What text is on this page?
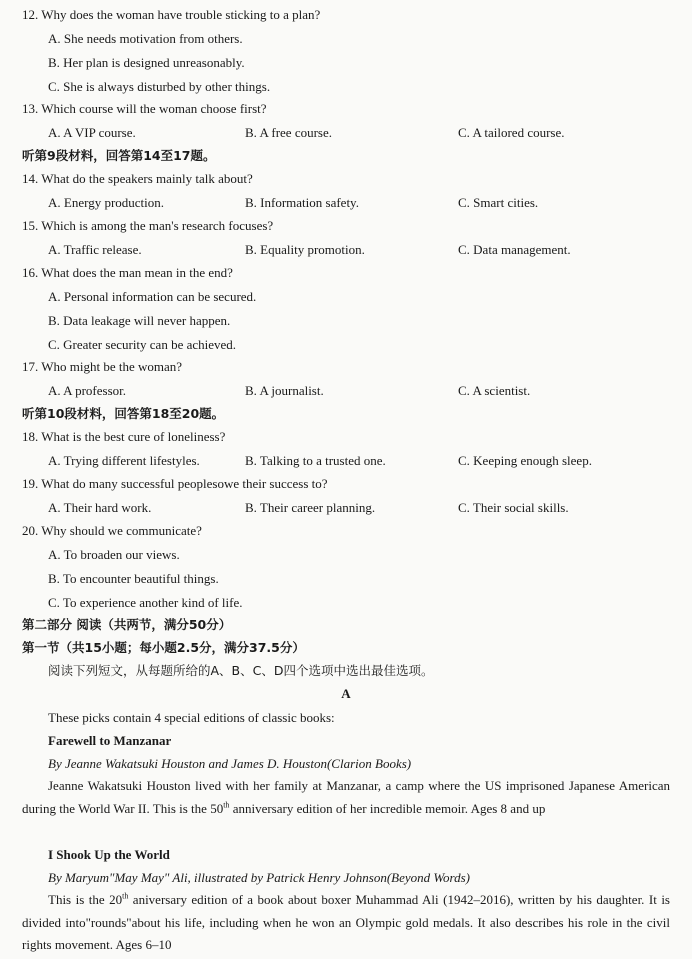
12. Why does the woman have trouble sticking to a plan?
A. She needs motivation from others.
B. Her plan is designed unreasonably.
C. She is always disturbed by other things.
13. Which course will the woman choose first?
A. A VIP course.	B. A free course.	C. A tailored course.
听第9段材料，回答第14至17题。
14. What do the speakers mainly talk about?
A. Energy production.	B. Information safety.	C. Smart cities.
15. Which is among the man's research focuses?
A. Traffic release.	B. Equality promotion.	C. Data management.
16. What does the man mean in the end?
A. Personal information can be secured.
B. Data leakage will never happen.
C. Greater security can be achieved.
17. Who might be the woman?
A. A professor.	B. A journalist.	C. A scientist.
听第10段材料，回答第18至20题。
18. What is the best cure of loneliness?
A. Trying different lifestyles.	B. Talking to a trusted one.	C. Keeping enough sleep.
19. What do many successful peoplesowe their success to?
A. Their hard work.	B. Their career planning.	C. Their social skills.
20. Why should we communicate?
A. To broaden our views.
B. To encounter beautiful things.
C. To experience another kind of life.
第二部分 阅读（共两节，满分50分）
第一节（共15小题；每小题2.5分，满分37.5分）
阅读下列短文，从每题所给的A、B、C、D四个选项中选出最佳选项。
A
These picks contain 4 special editions of classic books:
Farewell to Manzanar
By Jeanne Wakatsuki Houston and James D. Houston(Clarion Books)
Jeanne Wakatsuki Houston lived with her family at Manzanar, a camp where the US imprisoned Japanese American during the World War II. This is the 50th anniversary edition of her incredible memoir. Ages 8 and up
I Shook Up the World
By Maryum"May May" Ali, illustrated by Patrick Henry Johnson(Beyond Words)
This is the 20th aniversary edition of a book about boxer Muhammad Ali (1942–2016), written by his daughter. It is divided into"rounds"about his life, including when he won an Olympic gold medals. It also describes his role in the civil rights movement. Ages 6–10
